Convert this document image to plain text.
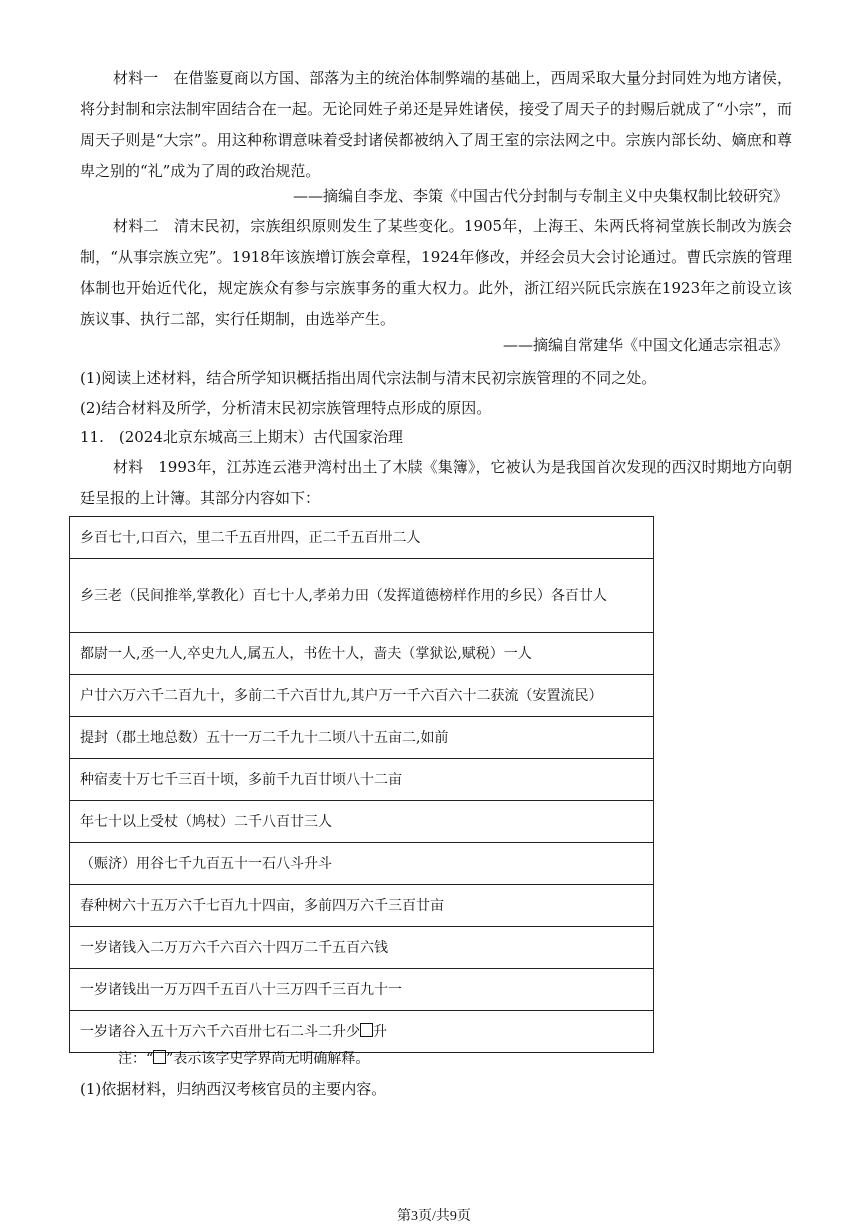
材料一　在借鉴夏商以方国、部落为主的统治体制弊端的基础上，西周采取大量分封同姓为地方诸侯，将分封制和宗法制牢固结合在一起。无论同姓子弟还是异姓诸侯，接受了周天子的封赐后就成了“小宗”，而周天子则是“大宗”。用这种称谓意味着受封诸侯都被纳入了周王室的宗法网之中。宗族内部长幼、嫡庶和尊卑之别的“礼”成为了周的政治规范。

——摘编自李龙、李策《中国古代分封制与专制主义中央集权制比较研究》

材料二　清末民初，宗族组织原则发生了某些变化。1905年，上海王、朱两氏将祠堂族长制改为族会制，“从事宗族立宪”。1918年该族增订族会章程，1924年修改，并经会员大会讨论通过。曹氏宗族的管理体制也开始近代化，规定族众有参与宗族事务的重大权力。此外，浙江绍兴阮氏宗族在1923年之前设立该族议事、执行二部，实行任期制，由选举产生。

——摘编自常建华《中国文化通志宗祖志》

(1)阅读上述材料，结合所学知识概括指出周代宗法制与清末民初宗族管理的不同之处。

(2)结合材料及所学，分析清末民初宗族管理特点形成的原因。

11.　(2024北京东城高三上期末）古代国家治理

材料　1993年，江苏连云港尹湾村出土了木牍《集簿》，它被认为是我国首次发现的西汉时期地方向朝廷呈报的上计簿。其部分内容如下：

乡百七十,口百六，里二千五百卅四，正二千五百卅二人
乡三老（民间推举,掌教化）百七十人,孝弟力田（发挥道德榜样作用的乡民）各百廿人
都尉一人,丞一人,卒史九人,属五人，书佐十人，啬夫（掌狱讼,赋税）一人
户廿六万六千二百九十，多前二千六百廿九,其户万一千六百六十二获流（安置流民）
提封（郡土地总数）五十一万二千九十二顷八十五亩二,如前
种宿麦十万七千三百十顷，多前千九百廿顷八十二亩
年七十以上受杖（鸠杖）二千八百廿三人
（赈济）用谷七千九百五十一石八斗升斗
春种树六十五万六千七百九十四亩，多前四万六千三百廿亩
一岁诸钱入二万万六千六百六十四万二千五百六钱
一岁诸钱出一万万四千五百八十三万四千三百九十一
一岁诸谷入五十万六千六百卅七石二斗二升少 升

注：“ ”表示该字史学界尚无明确解释。

(1)依据材料，归纳西汉考核官员的主要内容。

第3页/共9页
